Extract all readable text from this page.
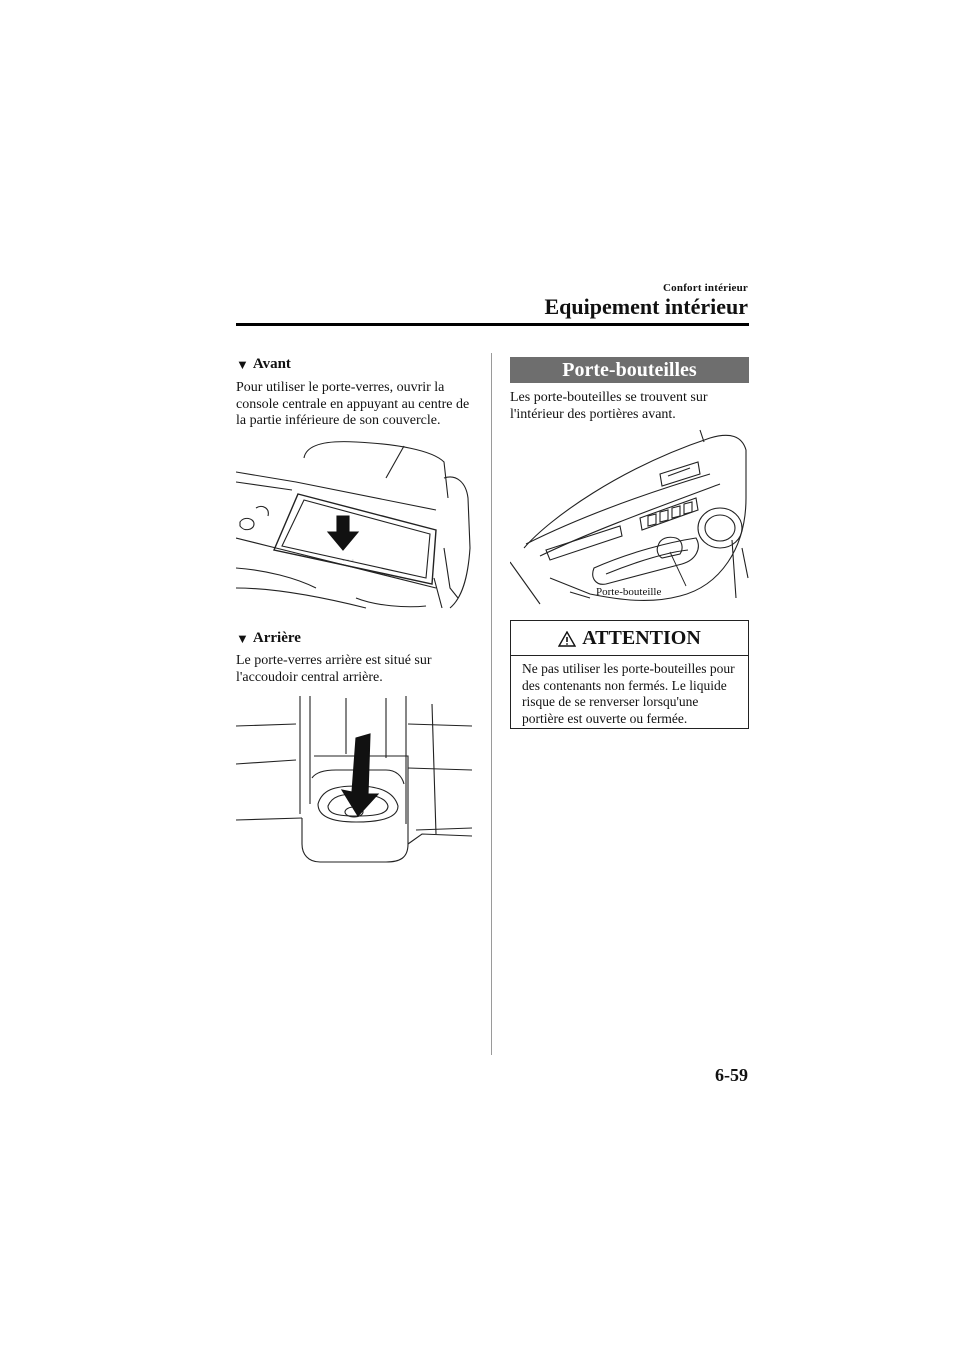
Confort intérieur
Equipement intérieur
▼ Avant
Pour utiliser le porte-verres, ouvrir la
console centrale en appuyant au centre de
la partie inférieure de son couvercle.
◦ ◦ ◦
▼ Arrière
Le porte-verres arrière est situé sur
l'accoudoir central arrière.
Porte-bouteilles
Les porte-bouteilles se trouvent sur
l'intérieur des portières avant.
Porte-bouteille
ATTENTION
Ne pas utiliser les porte-bouteilles pour
des contenants non fermés. Le liquide
risque de se renverser lorsqu'une
portière est ouverte ou fermée.
6-59
